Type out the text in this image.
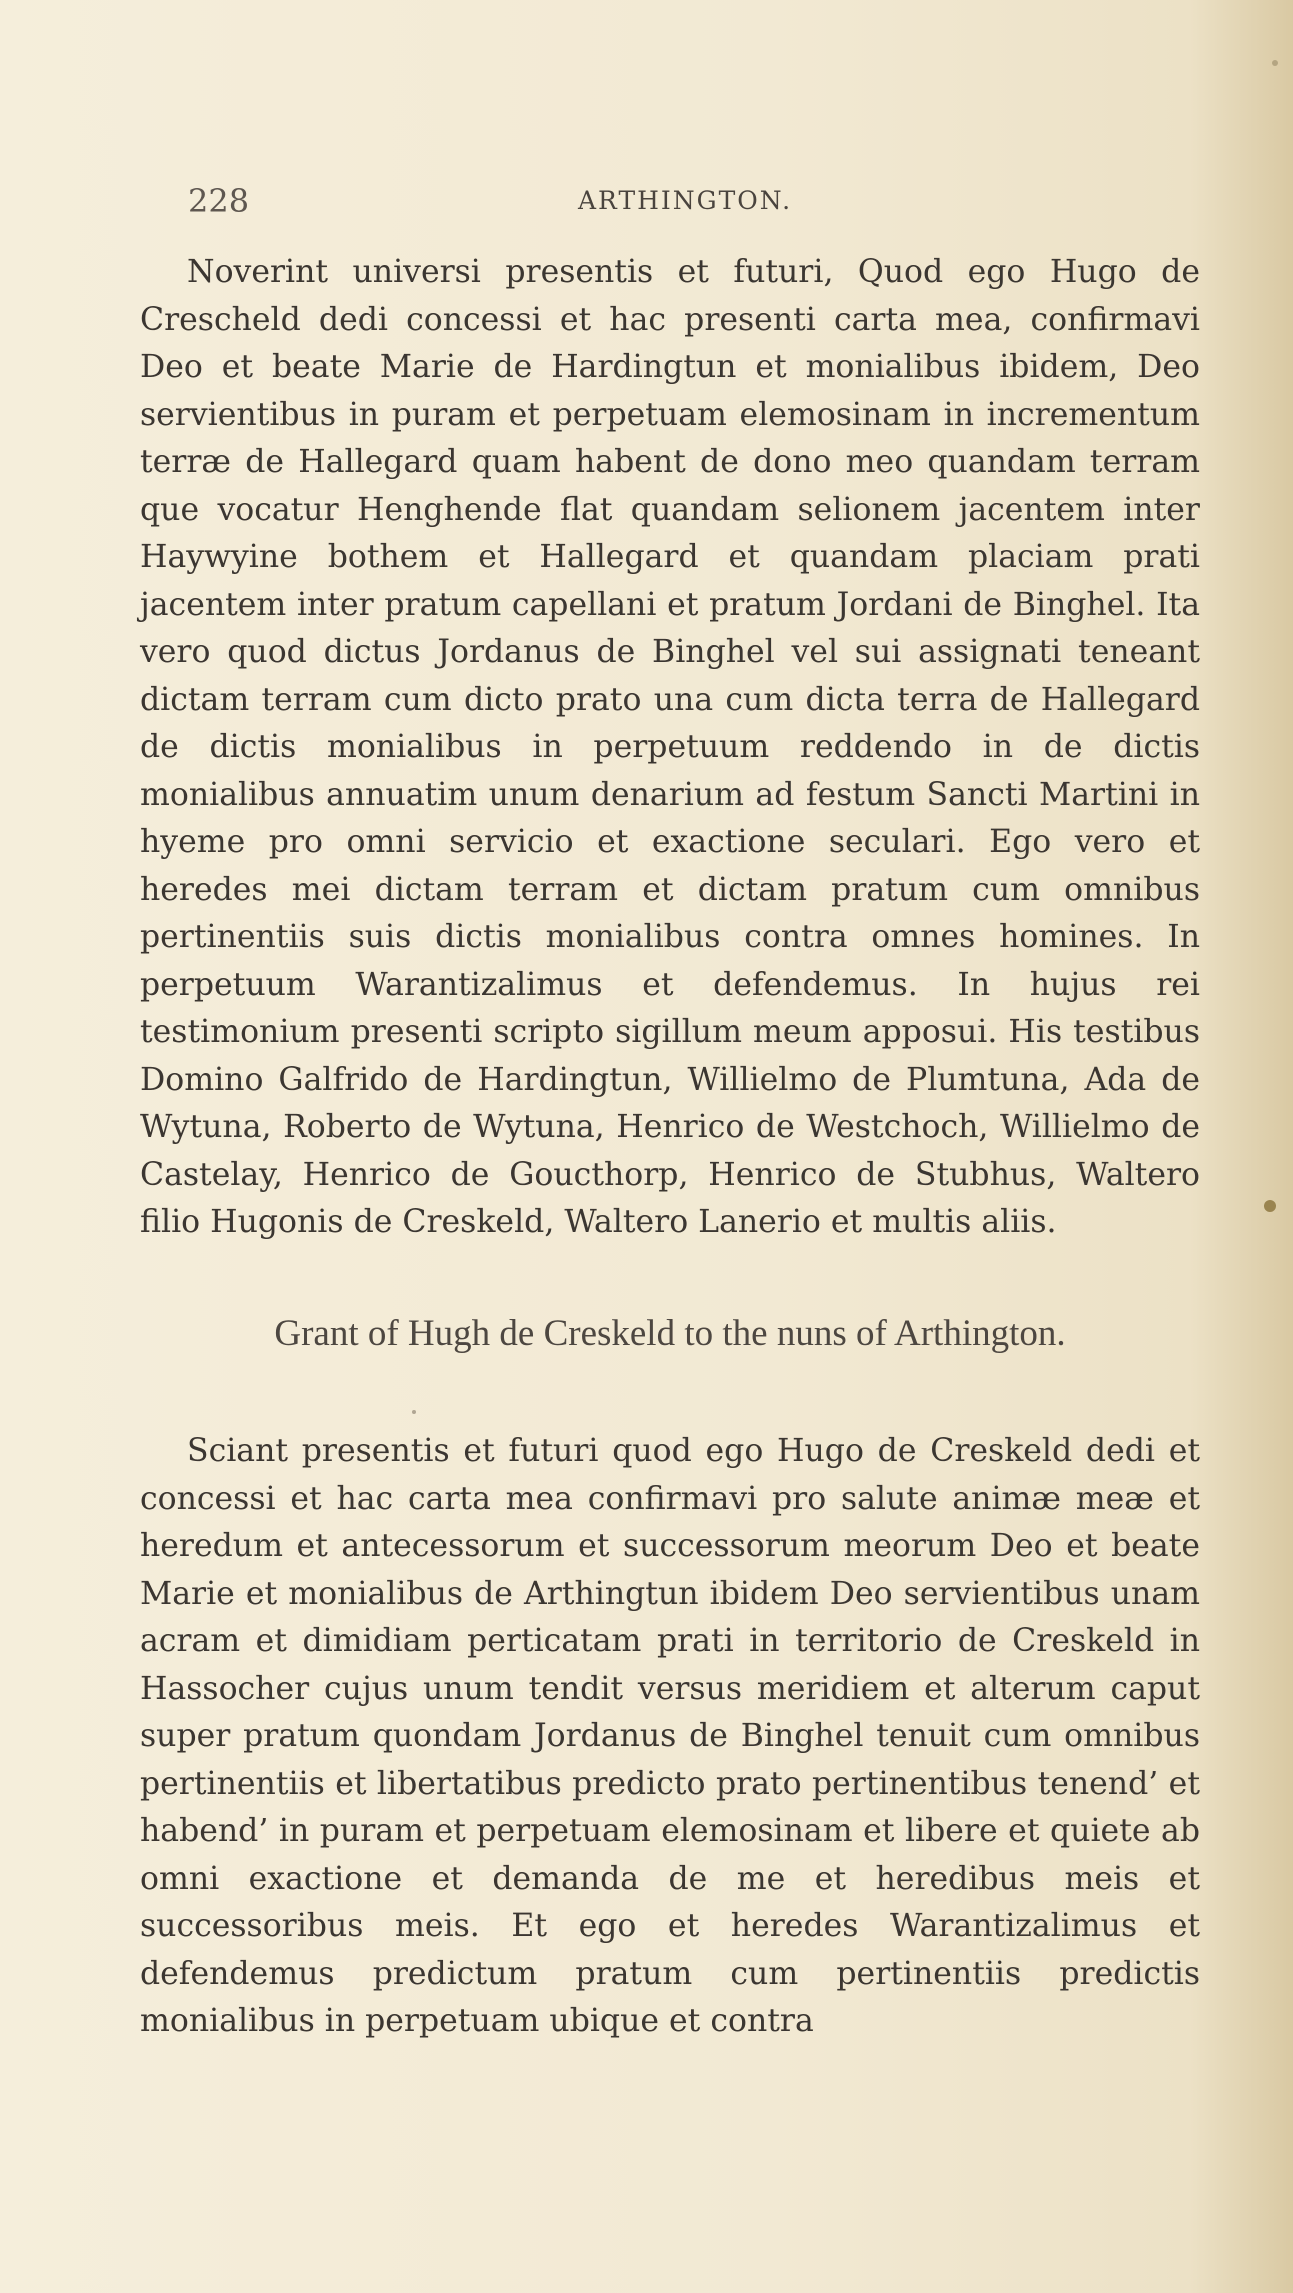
228	ARTHINGTON.

Noverint universi presentis et futuri, Quod ego Hugo de Crescheld dedi concessi et hac presenti carta mea, confirmavi Deo et beate Marie de Hardingtun et monialibus ibidem, Deo servientibus in puram et perpetuam elemosinam in incrementum terræ de Hallegard quam habent de dono meo quandam terram que vocatur Henghende flat quandam selionem jacentem inter Haywyine bothem et Hallegard et quandam placiam prati jacentem inter pratum capellani et pratum Jordani de Binghel. Ita vero quod dictus Jordanus de Binghel vel sui assignati teneant dictam terram cum dicto prato una cum dicta terra de Hallegard de dictis monialibus in perpetuum reddendo in de dictis monialibus annuatim unum denarium ad festum Sancti Martini in hyeme pro omni servicio et exactione seculari. Ego vero et heredes mei dictam terram et dictam pratum cum omnibus pertinentiis suis dictis monialibus contra omnes homines. In perpetuum Warantizalimus et defendemus. In hujus rei testimonium presenti scripto sigillum meum apposui. His testibus Domino Galfrido de Hardingtun, Willielmo de Plumtuna, Ada de Wytuna, Roberto de Wytuna, Henrico de Westchoch, Willielmo de Castelay, Henrico de Goucthorp, Henrico de Stubhus, Waltero filio Hugonis de Creskeld, Waltero Lanerio et multis aliis.

Grant of Hugh de Creskeld to the nuns of Arthington.

Sciant presentis et futuri quod ego Hugo de Creskeld dedi et concessi et hac carta mea confirmavi pro salute animæ meæ et heredum et antecessorum et successorum meorum Deo et beate Marie et monialibus de Arthingtun ibidem Deo servientibus unam acram et dimidiam perticatam prati in territorio de Creskeld in Hassocher cujus unum tendit versus meridiem et alterum caput super pratum quondam Jordanus de Binghel tenuit cum omnibus pertinentiis et libertatibus predicto prato pertinentibus tenend’ et habend’ in puram et perpetuam elemosinam et libere et quiete ab omni exactione et demanda de me et heredibus meis et successoribus meis. Et ego et heredes Warantizalimus et defendemus predictum pratum cum pertinentiis predictis monialibus in perpetuam ubique et contra
